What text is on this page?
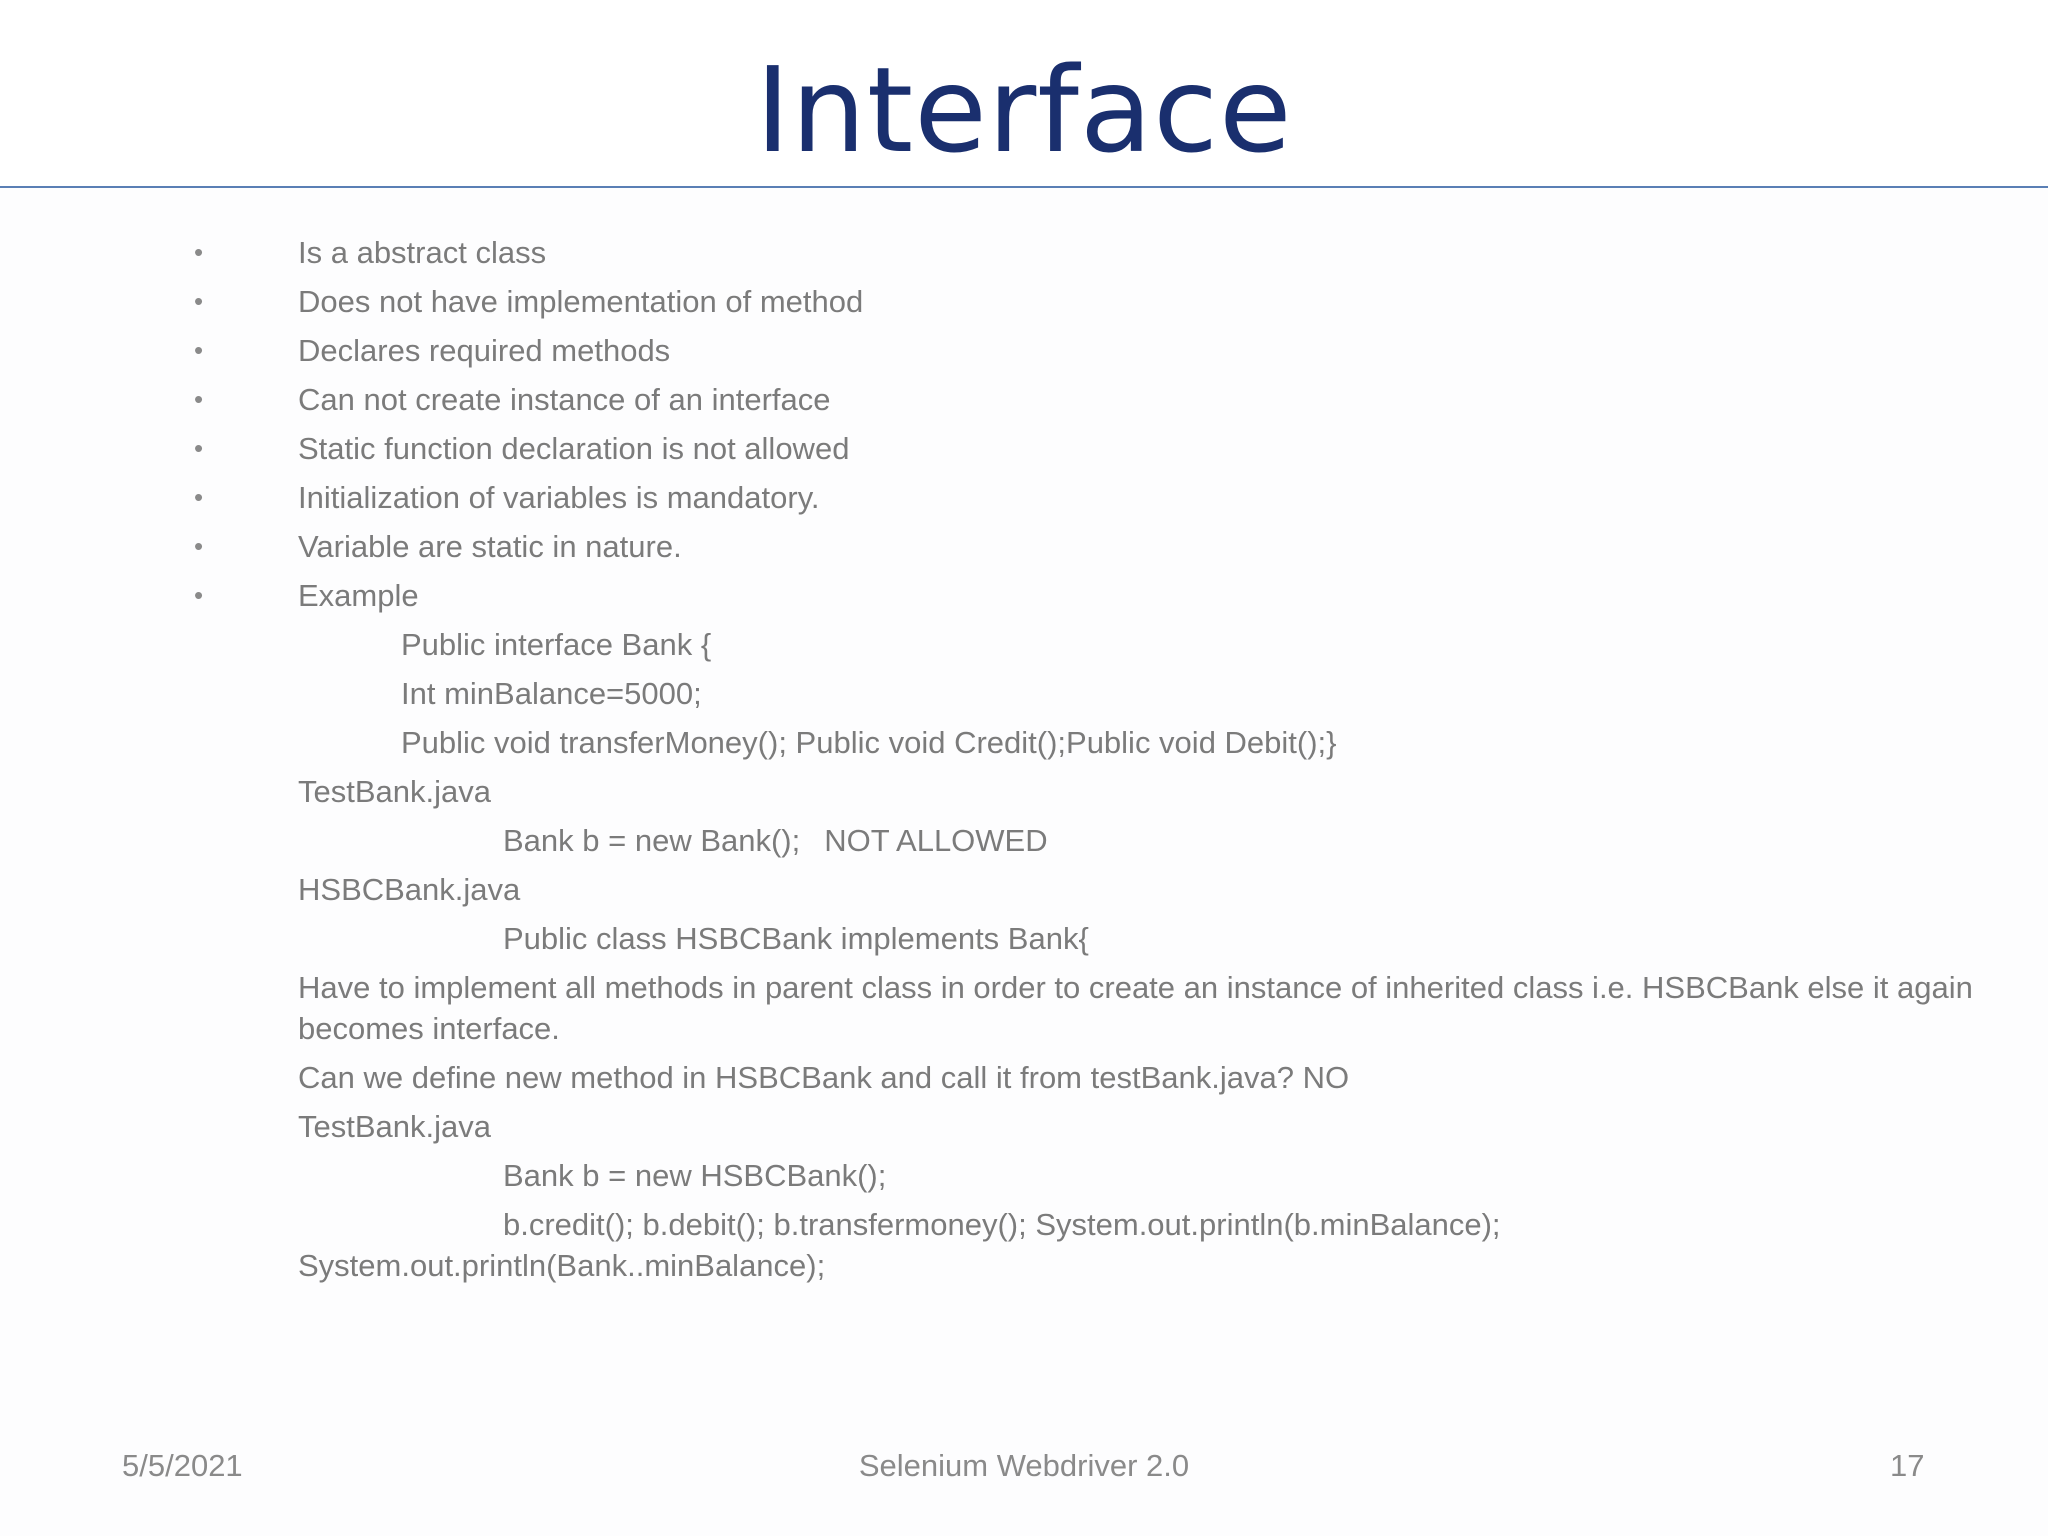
Interface
•	Is a abstract class
•	Does not have implementation of method
•	Declares required methods
•	Can not create instance of an interface
•	Static function declaration is not allowed
•	Initialization of variables is mandatory.
•	Variable are static in nature.
•	Example
Public interface Bank {
Int minBalance=5000;
Public void transferMoney(); Public void Credit();Public void Debit();}
TestBank.java
Bank b = new Bank(); NOT ALLOWED
HSBCBank.java
Public class HSBCBank implements Bank{
Have to implement all methods in parent class in order to create an instance of inherited class i.e. HSBCBank else it again becomes interface.
Can we define new method in HSBCBank and call it from testBank.java? NO
TestBank.java
Bank b = new HSBCBank();
b.credit(); b.debit(); b.transfermoney(); System.out.println(b.minBalance);
System.out.println(Bank..minBalance);
5/5/2021	Selenium Webdriver 2.0	17
